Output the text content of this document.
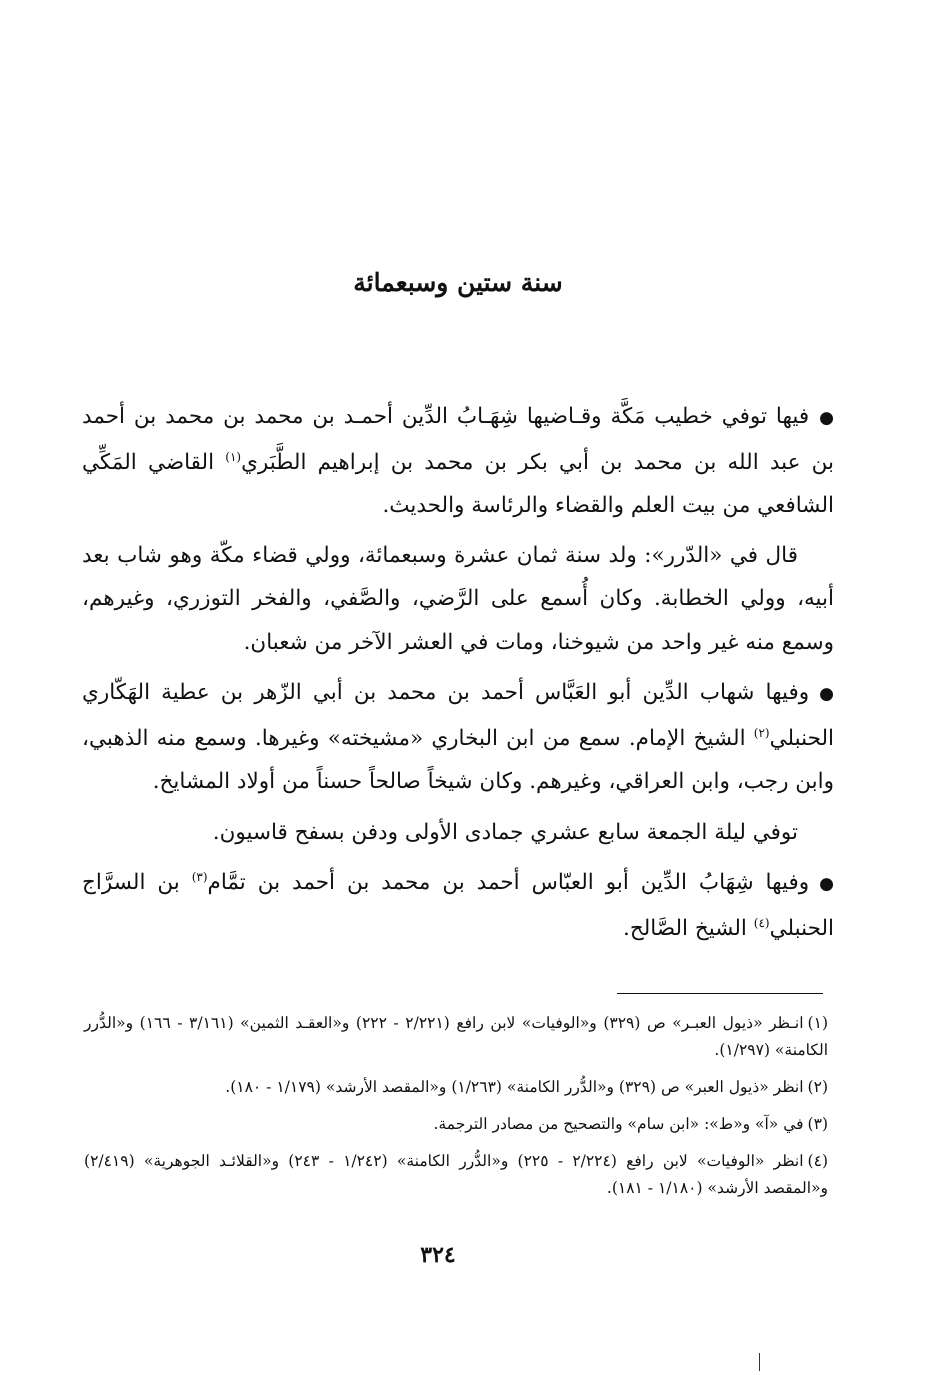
سنة ستين وسبعمائة

●فيها توفي خطيب مَكَّة وقـاضيها شِهَـابُ الدِّين أحمـد بن محمد بن محمد بن أحمد بن عبد الله بن محمد بن أبي بكر بن محمد بن إبراهيم الطَّبَري$^{(١)}$ القاضي المَكِّي الشافعي من بيت العلم والقضاء والرئاسة والحديث.

قال في «الدّرر»: ولد سنة ثمان عشرة وسبعمائة، وولي قضاء مكّة وهو شاب بعد أبيه، وولي الخطابة. وكان أُسمع على الرَّضي، والصَّفي، والفخر التوزري، وغيرهم، وسمع منه غير واحد من شيوخنا، ومات في العشر الآخر من شعبان.

●وفيها شهاب الدِّين أبو العَبَّاس أحمد بن محمد بن أبي الزّهر بن عطية الهَكّاري الحنبلي$^{(٢)}$ الشيخ الإمام. سمع من ابن البخاري «مشيخته» وغيرها. وسمع منه الذهبي، وابن رجب، وابن العراقي، وغيرهم. وكان شيخاً صالحاً حسناً من أولاد المشايخ.

توفي ليلة الجمعة سابع عشري جمادى الأولى ودفن بسفح قاسيون.

●وفيها شِهَابُ الدِّين أبو العبّاس أحمد بن محمد بن أحمد بن تمَّام$^{(٣)}$ بن السرَّاج الحنبلي$^{(٤)}$ الشيخ الصَّالح.

(١)انـظر «ذيول العبـر» ص (٣٢٩) و«الوفيات» لابن رافع (٢/٢٢١ - ٢٢٢) و«العقـد الثمين» (٣/١٦١ - ١٦٦) و«الدُّرر الكامنة» (١/٢٩٧).

(٢)انظر «ذيول العبر» ص (٣٢٩) و«الدُّرر الكامنة» (١/٢٦٣) و«المقصد الأرشد» (١/١٧٩ - ١٨٠).

(٣)في «آ» و«ط»: «ابن سام» والتصحيح من مصادر الترجمة.

(٤)انظر «الوفيات» لابن رافع (٢/٢٢٤ - ٢٢٥) و«الدُّرر الكامنة» (١/٢٤٢ - ٢٤٣) و«القلائـد الجوهرية» (٢/٤١٩) و«المقصد الأرشد» (١/١٨٠ - ١٨١).

٣٢٤
